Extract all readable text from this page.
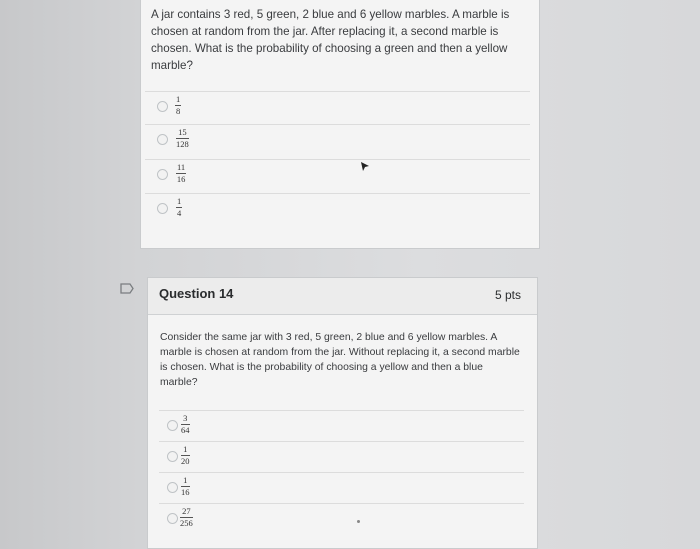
A jar contains 3 red, 5 green, 2 blue and 6 yellow marbles. A marble is chosen at random from the jar. After replacing it, a second marble is chosen. What is the probability of choosing a green and then a yellow marble?
1
8
15
128
11
16
1
4
Question 14	5 pts
Consider the same jar with 3 red, 5 green, 2 blue and 6 yellow marbles. A marble is chosen at random from the jar. Without replacing it, a second marble is chosen. What is the probability of choosing a yellow and then a blue marble?
3
64
1
20
1
16
27
256
